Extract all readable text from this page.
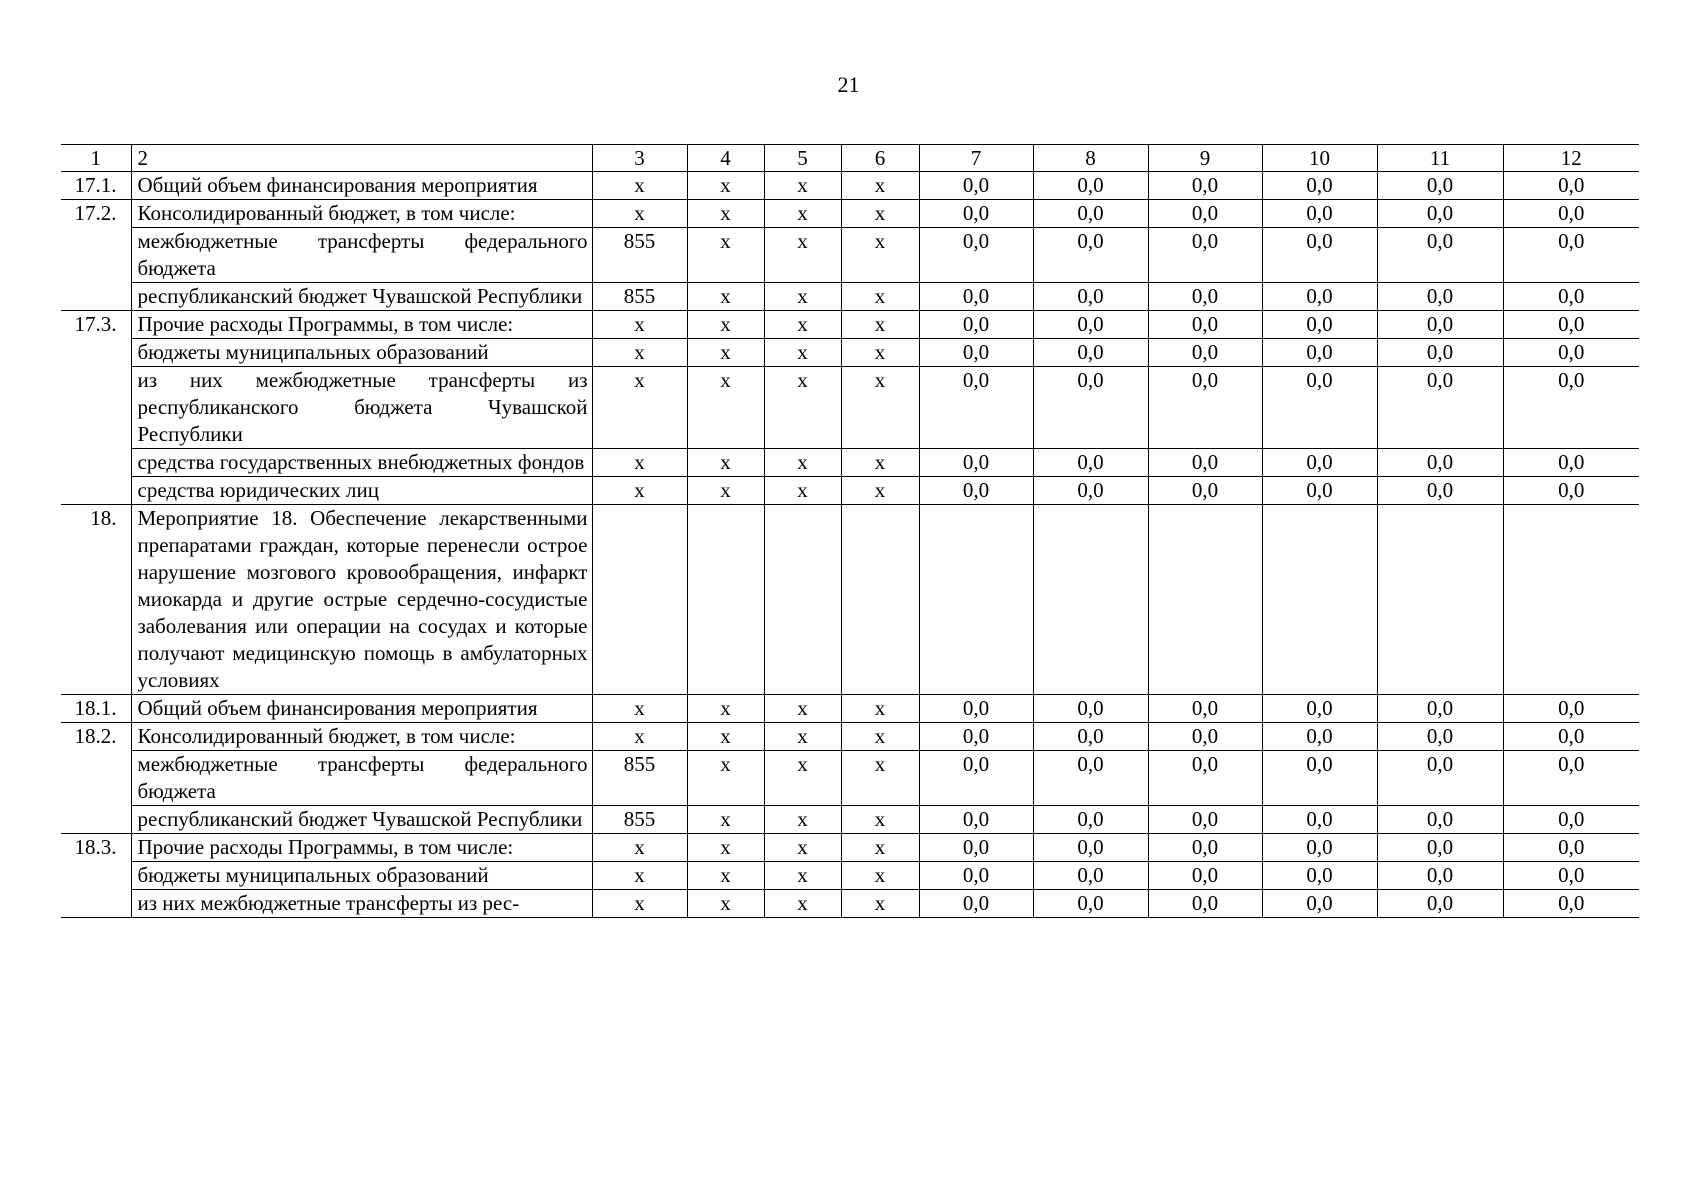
21
1	2	3	4	5	6	7	8	9	10	11	12
17.1.	Общий объем финансирования мероприятия	х	х	х	х	0,0	0,0	0,0	0,0	0,0	0,0
17.2.	Консолидированный бюджет, в том числе:	х	х	х	х	0,0	0,0	0,0	0,0	0,0	0,0
	межбюджетные трансферты федерального бюджета	855	х	х	х	0,0	0,0	0,0	0,0	0,0	0,0
	республиканский бюджет Чувашской Республики	855	х	х	х	0,0	0,0	0,0	0,0	0,0	0,0
17.3.	Прочие расходы Программы, в том числе:	х	х	х	х	0,0	0,0	0,0	0,0	0,0	0,0
	бюджеты муниципальных образований	х	х	х	х	0,0	0,0	0,0	0,0	0,0	0,0
	из них межбюджетные трансферты из республиканского бюджета Чувашской Республики	х	х	х	х	0,0	0,0	0,0	0,0	0,0	0,0
	средства государственных внебюджетных фондов	х	х	х	х	0,0	0,0	0,0	0,0	0,0	0,0
	средства юридических лиц	х	х	х	х	0,0	0,0	0,0	0,0	0,0	0,0
18.	Мероприятие 18. Обеспечение лекарственными препаратами граждан, которые перенесли острое нарушение мозгового кровообращения, инфаркт миокарда и другие острые сердечно-сосудистые заболевания или операции на сосудах и которые получают медицинскую помощь в амбулаторных условиях										
18.1.	Общий объем финансирования мероприятия	х	х	х	х	0,0	0,0	0,0	0,0	0,0	0,0
18.2.	Консолидированный бюджет, в том числе:	х	х	х	х	0,0	0,0	0,0	0,0	0,0	0,0
	межбюджетные трансферты федерального бюджета	855	х	х	х	0,0	0,0	0,0	0,0	0,0	0,0
	республиканский бюджет Чувашской Республики	855	х	х	х	0,0	0,0	0,0	0,0	0,0	0,0
18.3.	Прочие расходы Программы, в том числе:	х	х	х	х	0,0	0,0	0,0	0,0	0,0	0,0
	бюджеты муниципальных образований	х	х	х	х	0,0	0,0	0,0	0,0	0,0	0,0
	из них межбюджетные трансферты из рес-	х	х	х	х	0,0	0,0	0,0	0,0	0,0	0,0
